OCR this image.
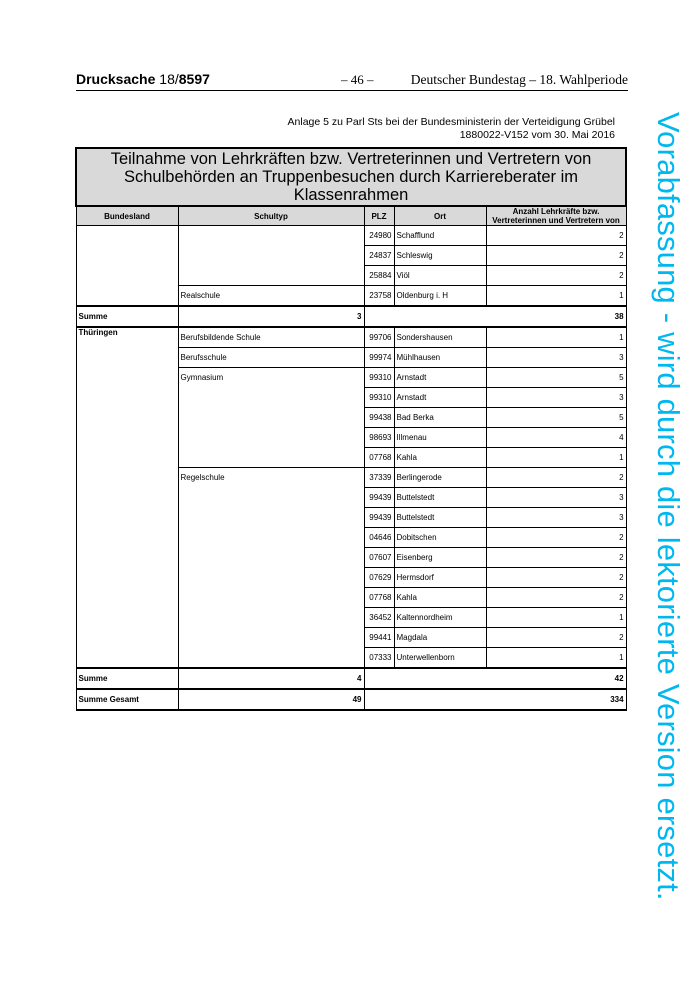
Drucksache 18/8597	– 46 –	Deutscher Bundestag – 18. Wahlperiode
Anlage 5 zu Parl Sts bei der Bundesministerin der Verteidigung Grübel
1880022-V152 vom 30. Mai 2016
Teilnahme von Lehrkräften bzw. Vertreterinnen und Vertretern von Schulbehörden an Truppenbesuchen durch Karriereberater im Klassenrahmen				
Bundesland	Schultyp	PLZ	Ort	Anzahl Lehrkräfte bzw. Vertreterinnen und Vertretern von
		24980	Schafflund	2
		24837	Schleswig	2
		25884	Viöl	2
	Realschule	23758	Oldenburg i. H	1
Summe	3	38		
Thüringen	Berufsbildende Schule	99706	Sondershausen	1
	Berufsschule	99974	Mühlhausen	3
	Gymnasium	99310	Arnstadt	5
		99310	Arnstadt	3
		99438	Bad Berka	5
		98693	Illmenau	4
		07768	Kahla	1
	Regelschule	37339	Berlingerode	2
		99439	Buttelstedt	3
		99439	Buttelstedt	3
		04646	Dobitschen	2
		07607	Eisenberg	2
		07629	Hermsdorf	2
		07768	Kahla	2
		36452	Kaltennordheim	1
		99441	Magdala	2
		07333	Unterwellenborn	1
Summe	4	42		
Summe Gesamt	49	334		Vorabfassung - wird durch die lektorierte Version ersetzt.
